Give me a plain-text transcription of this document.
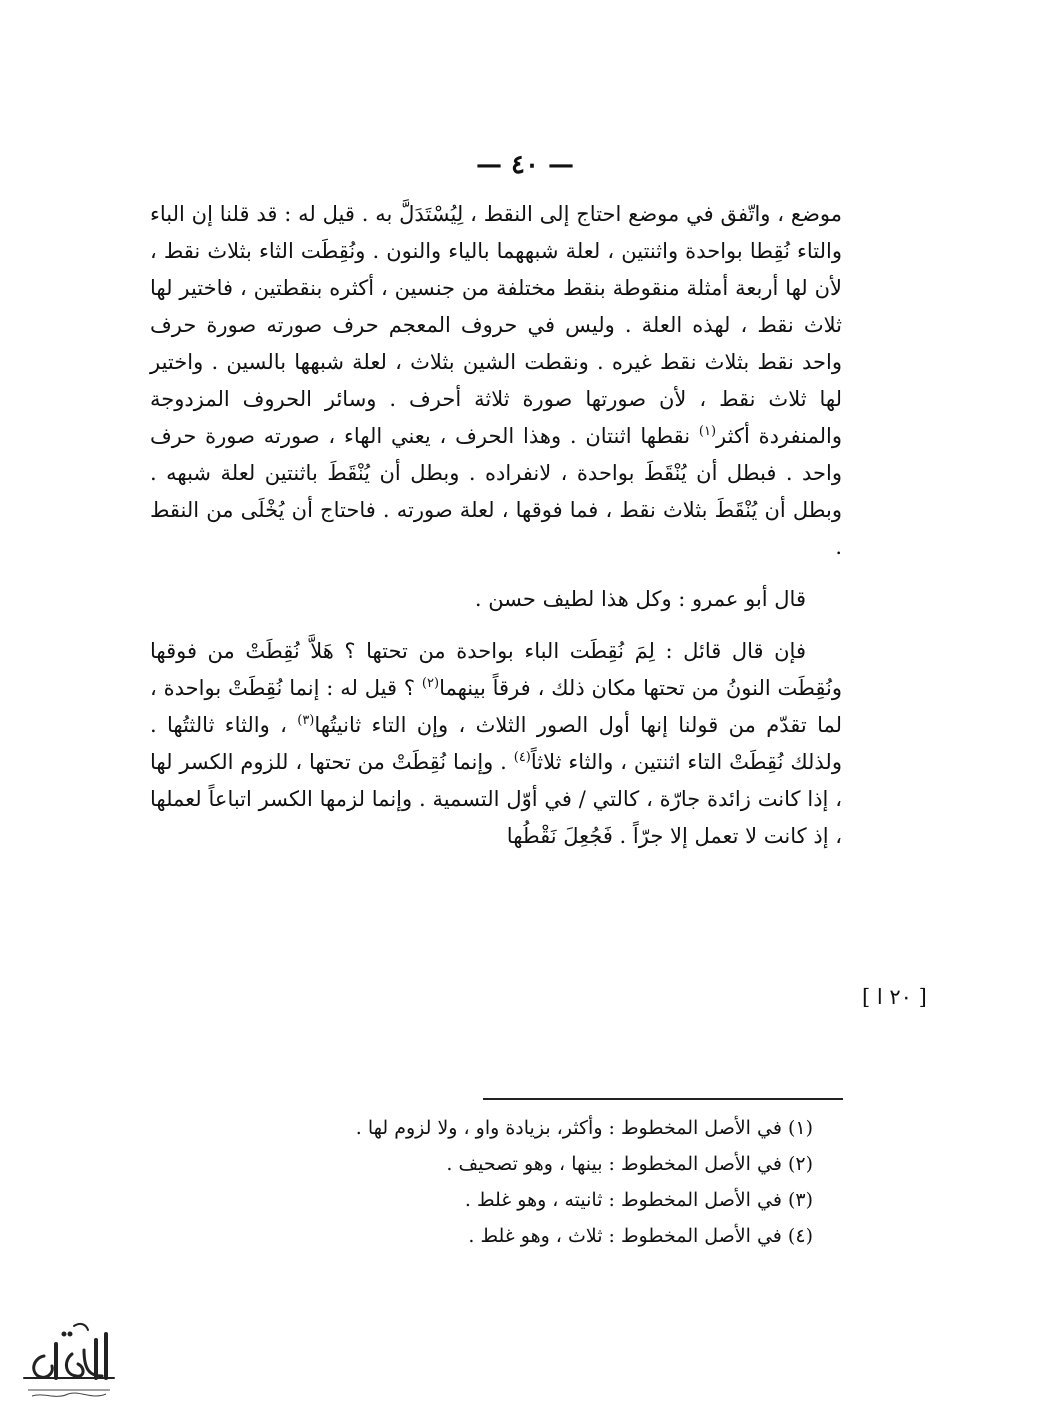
— ٤٠ —

موضع ، واتّفق في موضع احتاج إلى النقط ، لِيُسْتَدَلَّ به . قيل له : قد قلنا إن الباء والتاء نُقِطا بواحدة واثنتين ، لعلة شبههما بالياء والنون . ونُقِطَت الثاء بثلاث نقط ، لأن لها أربعة أمثلة منقوطة بنقط مختلفة من جنسين ، أكثره بنقطتين ، فاختير لها ثلاث نقط ، لهذه العلة . وليس في حروف المعجم حرف صورته صورة حرف واحد نقط بثلاث نقط غيره . ونقطت الشين بثلاث ، لعلة شبهها بالسين . واختير لها ثلاث نقط ، لأن صورتها صورة ثلاثة أحرف . وسائر الحروف المزدوجة والمنفردة أكثر$^{(١)}$ نقطها اثنتان . وهذا الحرف ، يعني الهاء ، صورته صورة حرف واحد . فبطل أن يُنْقَطَ بواحدة ، لانفراده . وبطل أن يُنْقَطَ باثنتين لعلة شبهه . وبطل أن يُنْقَطَ بثلاث نقط ، فما فوقها ، لعلة صورته . فاحتاج أن يُخْلَى من النقط .

قال أبو عمرو : وكل هذا لطيف حسن .

فإن قال قائل : لِمَ نُقِطَت الباء بواحدة من تحتها ؟ هَلاَّ نُقِطَتْ من فوقها ونُقِطَت النونُ من تحتها مكان ذلك ، فرقاً بينهما$^{(٢)}$ ؟ قيل له : إنما نُقِطَتْ بواحدة ، لما تقدّم من قولنا إنها أول الصور الثلاث ، وإن التاء ثانيتُها$^{(٣)}$ ، والثاء ثالثتُها . ولذلك نُقِطَتْ التاء اثنتين ، والثاء ثلاثاً$^{(٤)}$ . وإنما نُقِطَتْ من تحتها ، للزوم الكسر لها ، إذا كانت زائدة جارّة ، كالتي / في أوّل التسمية . وإنما لزمها الكسر اتباعاً لعملها ، إذ كانت لا تعمل إلا جرّاً . فَجُعِلَ نَقْطُها

[ ٢٠ ا ]

(١) في الأصل المخطوط : وأكثر، بزيادة واو ، ولا لزوم لها .

(٢) في الأصل المخطوط : بينها ، وهو تصحيف .

(٣) في الأصل المخطوط : ثانيته ، وهو غلط .

(٤) في الأصل المخطوط : ثلاث ، وهو غلط .
